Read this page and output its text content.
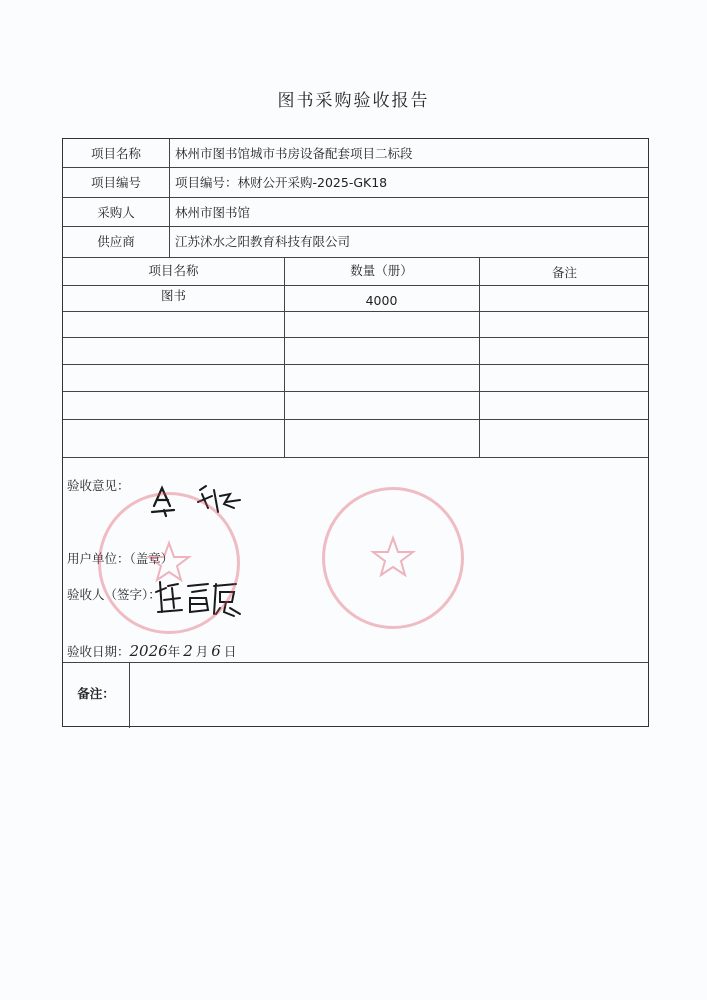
图书采购验收报告
项目名称	林州市图书馆城市书房设备配套项目二标段
项目编号	项目编号：林财公开采购-2025-GK18
采购人	林州市图书馆
供应商	江苏沭水之阳教育科技有限公司
项目名称	数量（册）	备注
图书	4000
验收意见：
用户单位：（盖章）
验收人（签字）：
验收日期：2026年 2 月 6 日
备注：
